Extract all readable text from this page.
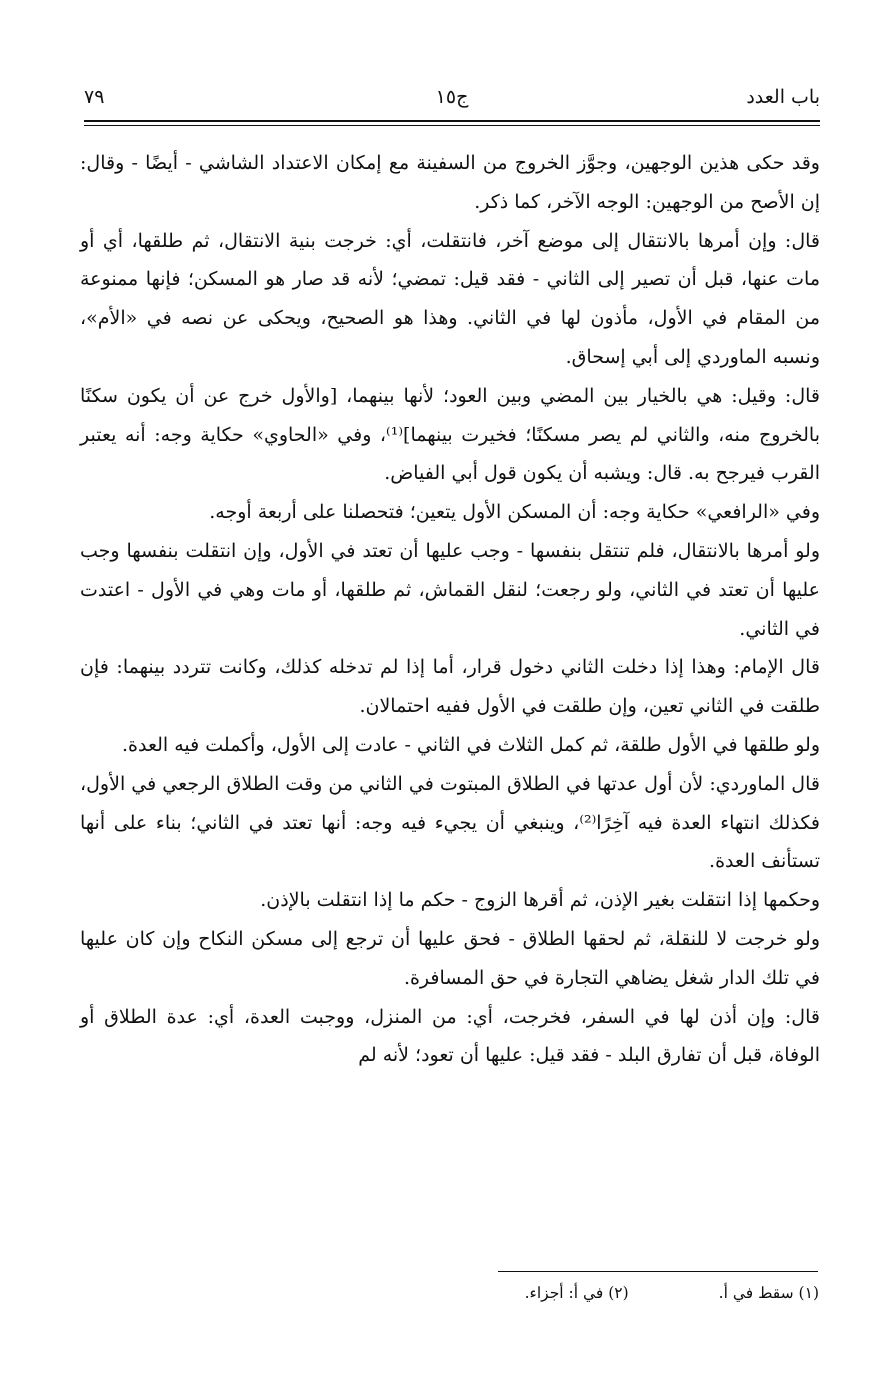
باب العدد
ج١٥
٧٩

وقد حكى هذين الوجهين، وجوَّز الخروج من السفينة مع إمكان الاعتداد الشاشي - أيضًا - وقال: إن الأصح من الوجهين: الوجه الآخر، كما ذكر.

قال: وإن أمرها بالانتقال إلى موضع آخر، فانتقلت، أي: خرجت بنية الانتقال، ثم طلقها، أي أو مات عنها، قبل أن تصير إلى الثاني - فقد قيل: تمضي؛ لأنه قد صار هو المسكن؛ فإنها ممنوعة من المقام في الأول، مأذون لها في الثاني. وهذا هو الصحيح، ويحكى عن نصه في «الأم»، ونسبه الماوردي إلى أبي إسحاق.

قال: وقيل: هي بالخيار بين المضي وبين العود؛ لأنها بينهما، [والأول خرج عن أن يكون سكنًا بالخروج منه، والثاني لم يصر مسكنًا؛ فخيرت بينهما]⁽¹⁾، وفي «الحاوي» حكاية وجه: أنه يعتبر القرب فيرجح به. قال: ويشبه أن يكون قول أبي الفياض.

وفي «الرافعي» حكاية وجه: أن المسكن الأول يتعين؛ فتحصلنا على أربعة أوجه.

ولو أمرها بالانتقال، فلم تنتقل بنفسها - وجب عليها أن تعتد في الأول، وإن انتقلت بنفسها وجب عليها أن تعتد في الثاني، ولو رجعت؛ لنقل القماش، ثم طلقها، أو مات وهي في الأول - اعتدت في الثاني.

قال الإمام: وهذا إذا دخلت الثاني دخول قرار، أما إذا لم تدخله كذلك، وكانت تتردد بينهما: فإن طلقت في الثاني تعين، وإن طلقت في الأول ففيه احتمالان.

ولو طلقها في الأول طلقة، ثم كمل الثلاث في الثاني - عادت إلى الأول، وأكملت فيه العدة.

قال الماوردي: لأن أول عدتها في الطلاق المبتوت في الثاني من وقت الطلاق الرجعي في الأول، فكذلك انتهاء العدة فيه آخِرًا⁽²⁾، وينبغي أن يجيء فيه وجه: أنها تعتد في الثاني؛ بناء على أنها تستأنف العدة.

وحكمها إذا انتقلت بغير الإذن، ثم أقرها الزوج - حكم ما إذا انتقلت بالإذن.

ولو خرجت لا للنقلة، ثم لحقها الطلاق - فحق عليها أن ترجع إلى مسكن النكاح وإن كان عليها في تلك الدار شغل يضاهي التجارة في حق المسافرة.

قال: وإن أذن لها في السفر، فخرجت، أي: من المنزل، ووجبت العدة، أي: عدة الطلاق أو الوفاة، قبل أن تفارق البلد - فقد قيل: عليها أن تعود؛ لأنه لم

(١) سقط في أ.
(٢) في أ: أجزاء.
